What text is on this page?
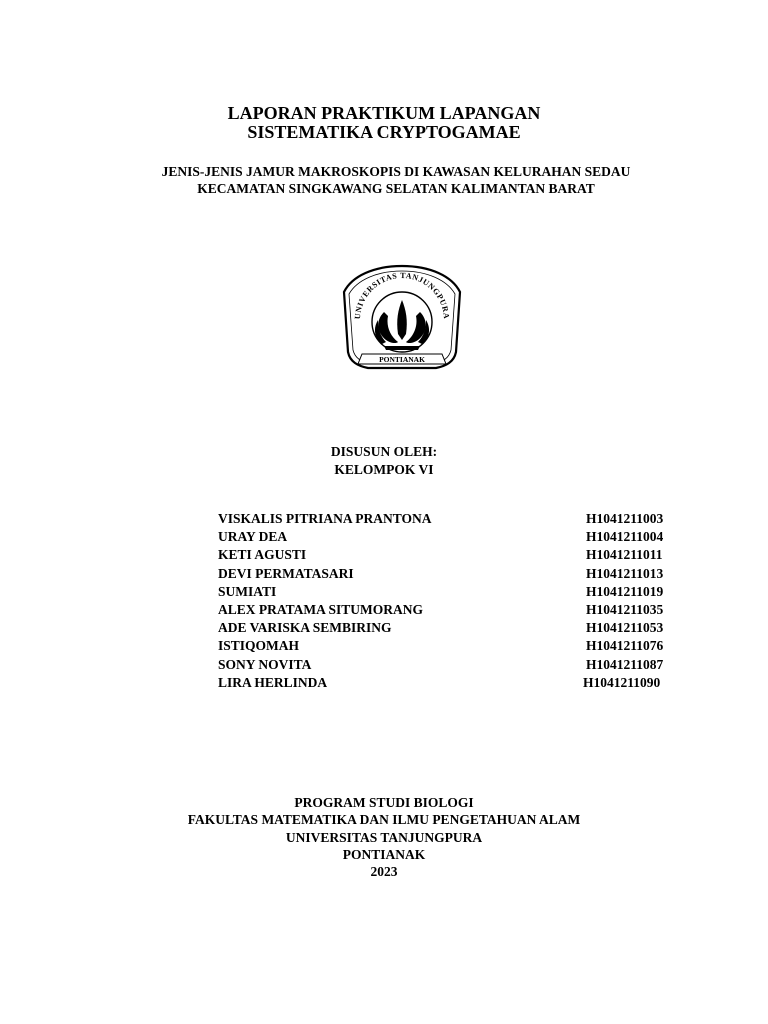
LAPORAN PRAKTIKUM LAPANGAN
SISTEMATIKA CRYPTOGAMAE
JENIS-JENIS JAMUR MAKROSKOPIS DI KAWASAN KELURAHAN SEDAU
KECAMATAN SINGKAWANG SELATAN KALIMANTAN BARAT
UNIVERSITAS TANJUNGPURA
PONTIANAK
DISUSUN OLEH:
KELOMPOK VI
VISKALIS PITRIANA PRANTONA	H1041211003
URAY DEA	H1041211004
KETI AGUSTI	H1041211011
DEVI PERMATASARI	H1041211013
SUMIATI	H1041211019
ALEX PRATAMA SITUMORANG	H1041211035
ADE VARISKA SEMBIRING	H1041211053
ISTIQOMAH	H1041211076
SONY NOVITA	H1041211087
LIRA HERLINDA	H1041211090
PROGRAM STUDI BIOLOGI
FAKULTAS MATEMATIKA DAN ILMU PENGETAHUAN ALAM
UNIVERSITAS TANJUNGPURA
PONTIANAK
2023
